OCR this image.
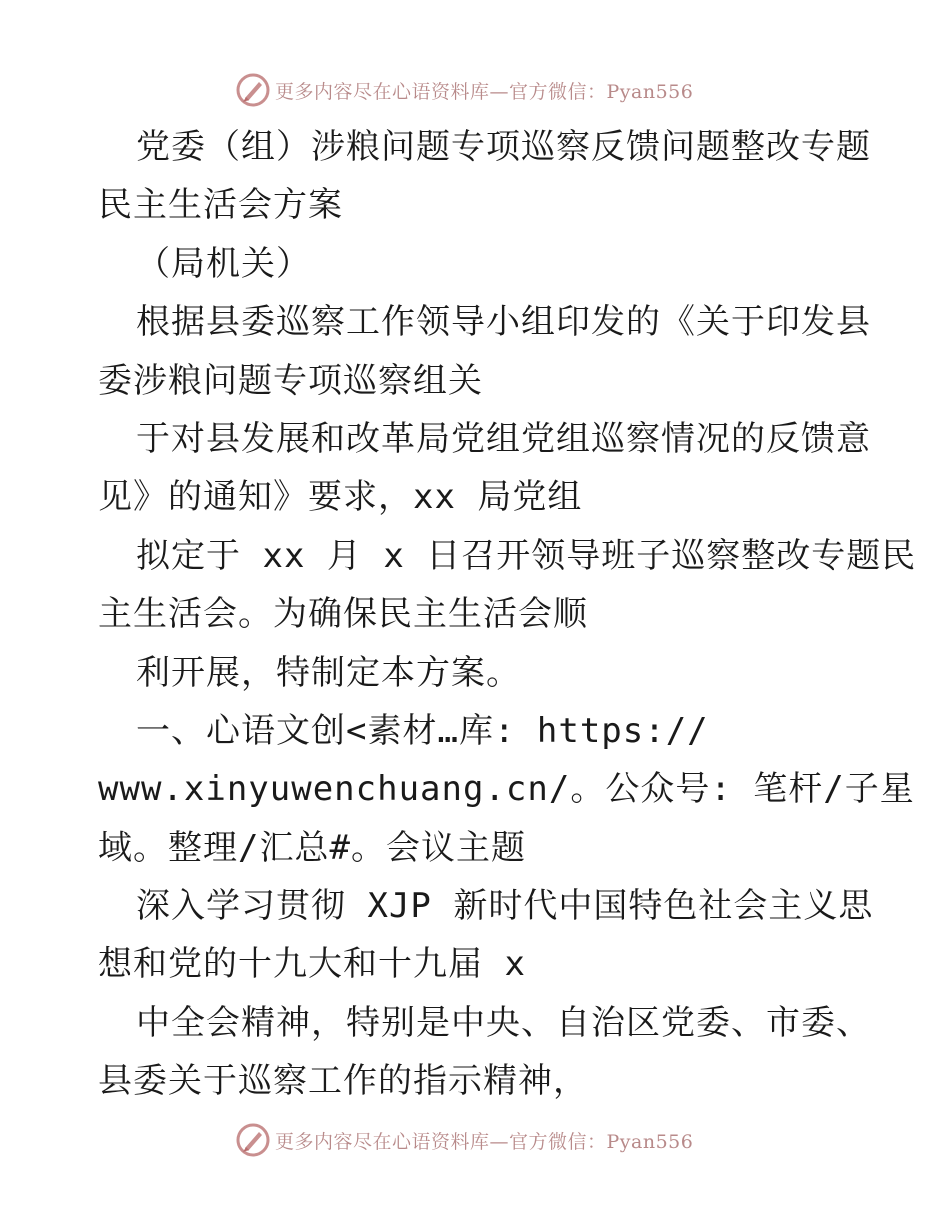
更多内容尽在心语资料库—官方微信：Pyan556
党委（组）涉粮问题专项巡察反馈问题整改专题
民主生活会方案
（局机关）
根据县委巡察工作领导小组印发的《关于印发县
委涉粮问题专项巡察组关
于对县发展和改革局党组党组巡察情况的反馈意
见》的通知》要求，xx 局党组
拟定于 xx 月 x 日召开领导班子巡察整改专题民
主生活会。为确保民主生活会顺
利开展，特制定本方案。
一、心语文创<素材…库: https://
www.xinyuwenchuang.cn/。公众号: 笔杆/子星
域。整理/汇总#。会议主题
深入学习贯彻 XJP 新时代中国特色社会主义思
想和党的十九大和十九届 x
中全会精神，特别是中央、自治区党委、市委、
县委关于巡察工作的指示精神，
更多内容尽在心语资料库—官方微信：Pyan556
